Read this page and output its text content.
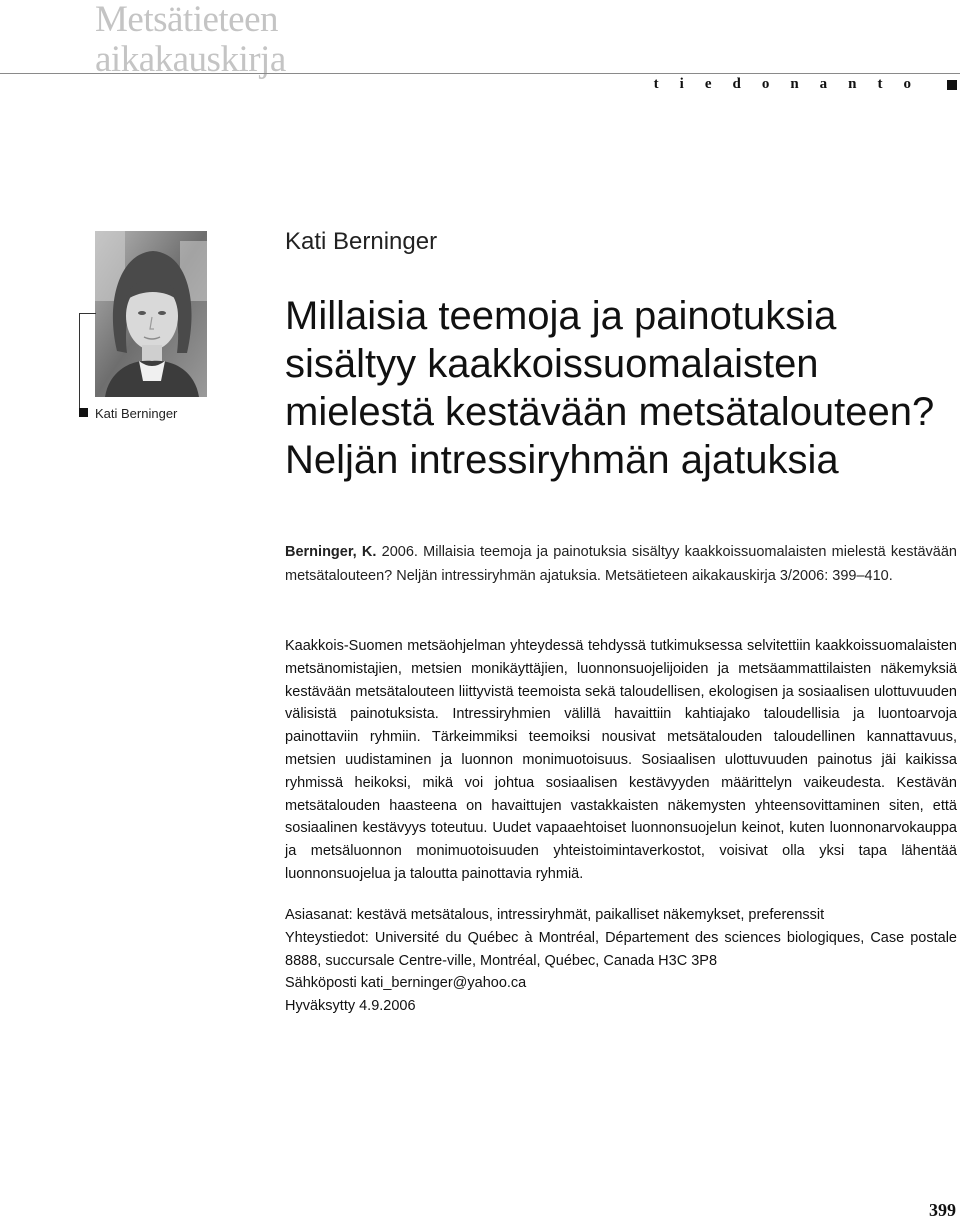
Metsätieteen
aikakauskirja
tiedonanto
Kati Berninger
Kati Berninger
Millaisia teemoja ja painotuksia
sisältyy kaakkoissuomalaisten
mielestä kestävään metsätalouteen?
Neljän intressiryhmän ajatuksia
Berninger, K. 2006. Millaisia teemoja ja painotuksia sisältyy kaakkoissuomalaisten mielestä kestävään metsätalouteen? Neljän intressiryhmän ajatuksia. Metsätieteen aikakauskirja 3/2006: 399–410.

Kaakkois-Suomen metsäohjelman yhteydessä tehdyssä tutkimuksessa selvitettiin kaakkoissuomalaisten metsänomistajien, metsien monikäyttäjien, luonnonsuojelijoiden ja metsäammattilaisten näkemyksiä kestävään metsätalouteen liittyvistä teemoista sekä taloudellisen, ekologisen ja sosiaalisen ulottuvuuden välisistä painotuksista. Intressiryhmien välillä havaittiin kahtiajako taloudellisia ja luontoarvoja painottaviin ryhmiin. Tärkeimmiksi teemoiksi nousivat metsätalouden taloudellinen kannattavuus, metsien uudistaminen ja luonnon monimuotoisuus. Sosiaalisen ulottuvuuden painotus jäi kaikissa ryhmissä heikoksi, mikä voi johtua sosiaalisen kestävyyden määrittelyn vaikeudesta. Kestävän metsätalouden haasteena on havaittujen vastakkaisten näkemysten yhteensovittaminen siten, että sosiaalinen kestävyys toteutuu. Uudet vapaaehtoiset luonnonsuojelun keinot, kuten luonnonarvokauppa ja metsäluonnon monimuotoisuuden yhteistoimintaverkostot, voisivat olla yksi tapa lähentää luonnonsuojelua ja taloutta painottavia ryhmiä.

Asiasanat: kestävä metsätalous, intressiryhmät, paikalliset näkemykset, preferenssit
Yhteystiedot: Université du Québec à Montréal, Département des sciences biologiques, Case postale 8888, succursale Centre-ville, Montréal, Québec, Canada H3C 3P8
Sähköposti kati_berninger@yahoo.ca
Hyväksytty 4.9.2006
399
